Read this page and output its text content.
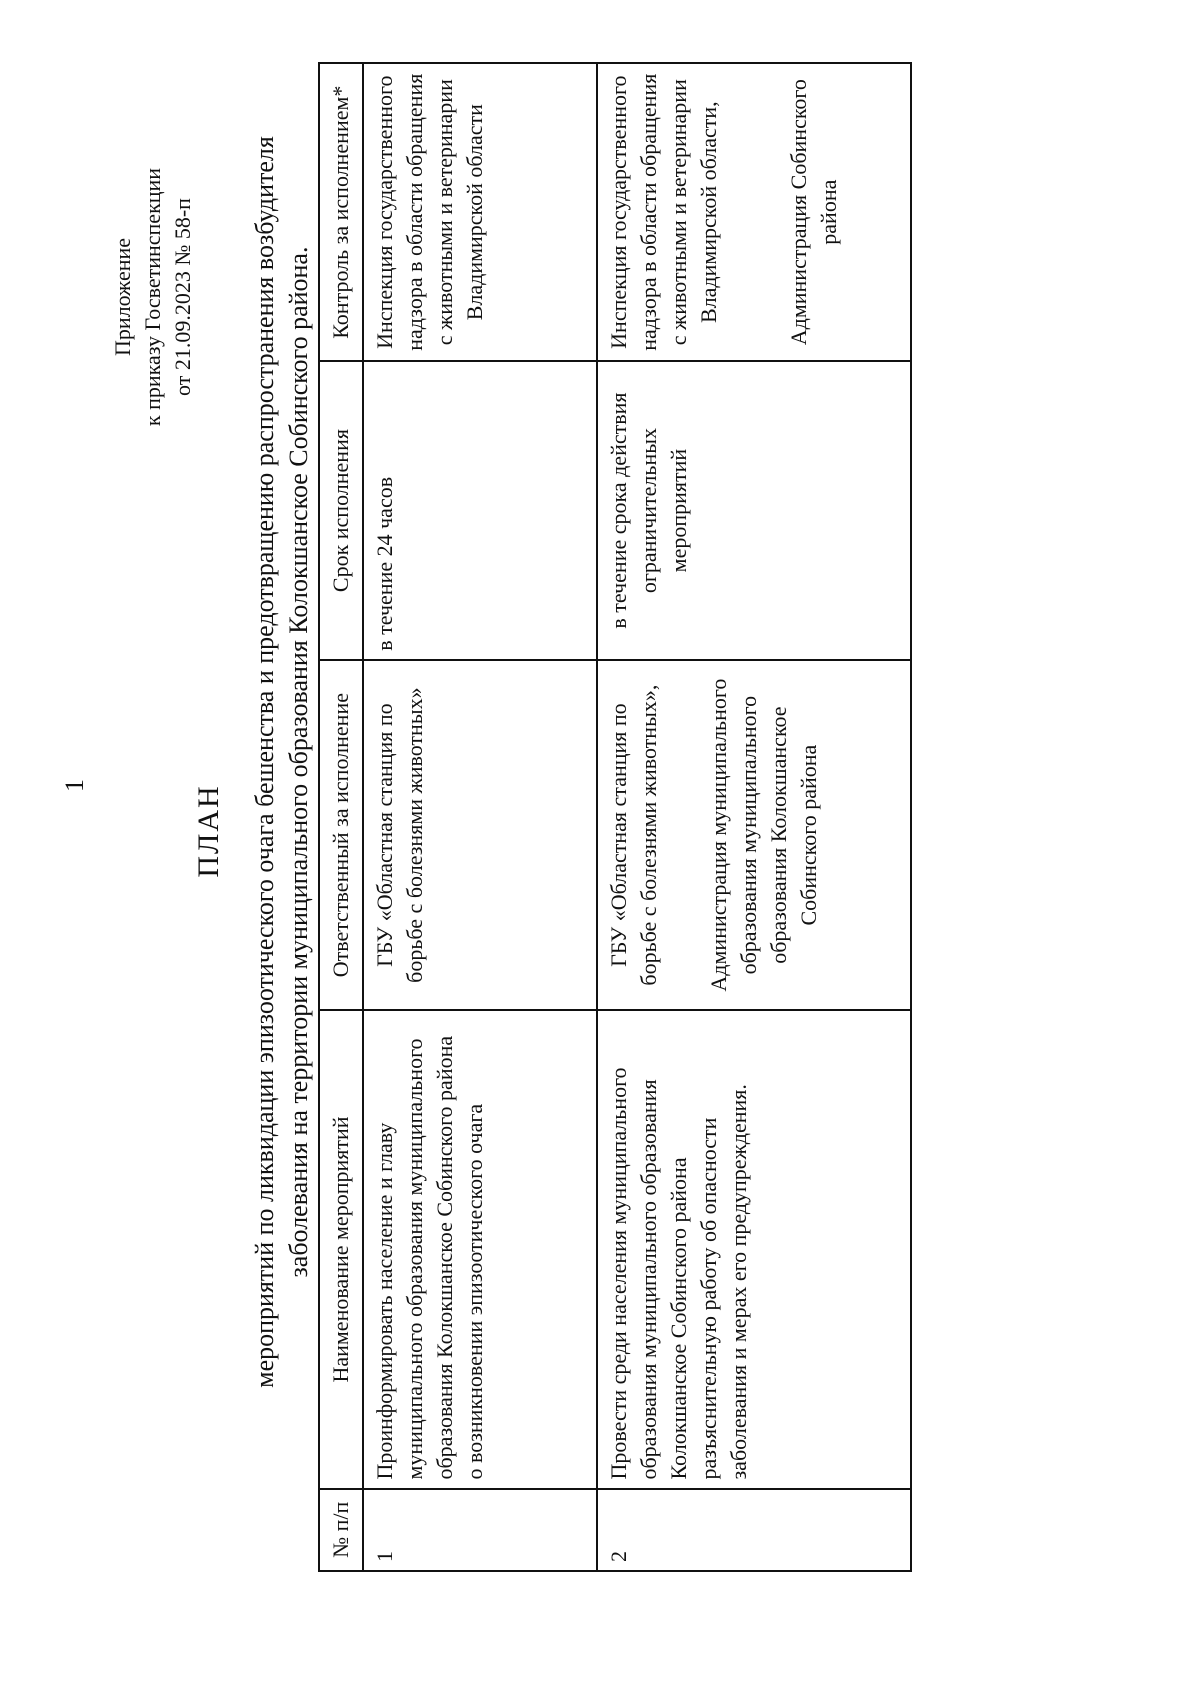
1
Приложение к приказу Госветинспекции от 21.09.2023 № 58-п
ПЛАН мероприятий по ликвидации эпизоотического очага бешенства и предотвращению распространения возбудителя заболевания на территории муниципального образования Колокшанское Собинского района.
№ п/п	Наименование мероприятий	Ответственный за исполнение	Срок исполнения	Контроль за исполнением*
1	Проинформировать население и главу муниципального образования муниципального образования Колокшанское Собинского района о возникновении эпизоотического очага	ГБУ «Областная станция по борьбе с болезнями животных»	в течение 24 часов	Инспекция государственного надзора в области обращения с животными и ветеринарии Владимирской области

2	Провести среди населения муниципального образования муниципального образования Колокшанское Собинского района разъяснительную работу об опасности заболевания и мерах его предупреждения.	ГБУ «Областная станция по борьбе с болезнями животных», Администрация муниципального образования муниципального образования Колокшанское Собинского района	в течение срока действия ограничительных мероприятий	Инспекция государственного надзора в области обращения с животными и ветеринарии Владимирской области, Администрация Собинского района
